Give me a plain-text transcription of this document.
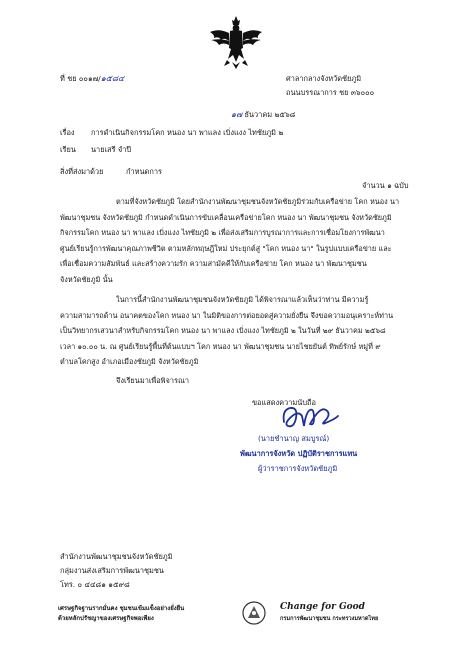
ที่ ชย ๐๐๑๗/๑๕๘๔	ศาลากลางจังหวัดชัยภูมิ
ถนนบรรณาการ ชย ๓๖๐๐๐
๑๗ ธันวาคม ๒๕๖๘
เรื่อง การดำเนินกิจกรรมโคก หนอง นา พาแลง เบิ่งแงง ไทชัยภูมิ ๒
เรียน นายเสรี จำปี
สิ่งที่ส่งมาด้วย	กำหนดการ
จำนวน ๑ ฉบับ
ตามที่จังหวัดชัยภูมิ โดยสำนักงานพัฒนาชุมชนจังหวัดชัยภูมิร่วมกับเครือข่าย โคก หนอง นา
พัฒนาชุมชน จังหวัดชัยภูมิ กำหนดดำเนินการขับเคลื่อนเครือข่ายโคก หนอง นา พัฒนาชุมชน จังหวัดชัยภูมิ
กิจกรรมโคก หนอง นา พาแลง เบิ่งแงง ไทชัยภูมิ ๒ เพื่อส่งเสริมการบูรณาการและการเชื่อมโยงการพัฒนา
ศูนย์เรียนรู้การพัฒนาคุณภาพชีวิต ตามหลักทฤษฎีใหม่ ประยุกต์สู่ "โคก หนอง นา" ในรูปแบบเครือข่าย และ
เพื่อเชื่อมความสัมพันธ์ และสร้างความรัก ความสามัคคีให้กับเครือข่าย โคก หนอง นา พัฒนาชุมชน
จังหวัดชัยภูมิ นั้น
ในการนี้สำนักงานพัฒนาชุมชนจังหวัดชัยภูมิ ได้พิจารณาแล้วเห็นว่าท่าน มีความรู้
ความสามารถด้าน อนาคตของโคก หนอง นา ในมิติของการต่อยอดสู่ความยั่งยืน จึงขอความอนุเคราะห์ท่าน
เป็นวิทยากรเสวนาสำหรับกิจกรรมโคก หนอง นา พาแลง เบิ่งแงง ไทชัยภูมิ ๒ ในวันที่ ๒๙ ธันวาคม ๒๕๖๘
เวลา ๑๐.๐๐ น. ณ ศูนย์เรียนรู้พื้นที่ต้นแบบฯ โคก หนอง นา พัฒนาชุมชน นายไชยยันต์ ทิพย์รักษ์ หมู่ที่ ๙
ตำบลโคกสูง อำเภอเมืองชัยภูมิ จังหวัดชัยภูมิ
จึงเรียนมาเพื่อพิจารณา
ขอแสดงความนับถือ
(นายชำนาญ สมบูรณ์)
พัฒนาการจังหวัด ปฏิบัติราชการแทน
ผู้ว่าราชการจังหวัดชัยภูมิ
สำนักงานพัฒนาชุมชนจังหวัดชัยภูมิ
กลุ่มงานส่งเสริมการพัฒนาชุมชน
โทร. ๐ ๔๔๘๑ ๑๕๙๘
เศรษฐกิจฐานรากมั่นคง ชุมชนเข้มแข็งอย่างยั่งยืน
ด้วยหลักปรัชญาของเศรษฐกิจพอเพียง
Change for Good
กรมการพัฒนาชุมชน กระทรวงมหาดไทย
